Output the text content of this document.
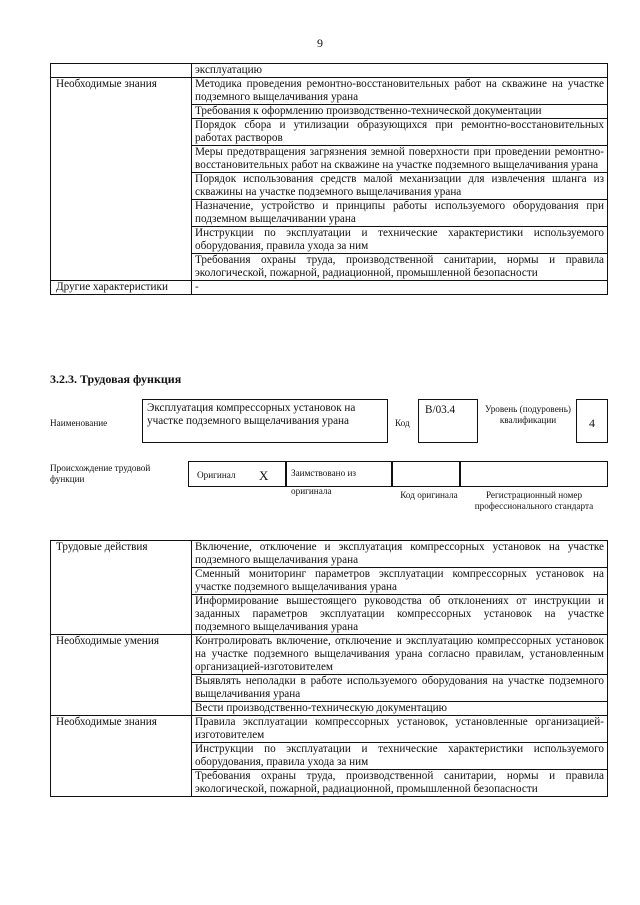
9
	эксплуатацию
Необходимые знания	Методика проведения ремонтно-восстановительных работ на скважине на участке подземного выщелачивания урана
	Требования к оформлению производственно-технической документации
	Порядок сбора и утилизации образующихся при ремонтно-восстановительных работах растворов
	Меры предотвращения загрязнения земной поверхности при проведении ремонтно-восстановительных работ на скважине на участке подземного выщелачивания урана
	Порядок использования средств малой механизации для извлечения шланга из скважины на участке подземного выщелачивания урана
	Назначение, устройство и принципы работы используемого оборудования при подземном выщелачивании урана
	Инструкции по эксплуатации и технические характеристики используемого оборудования, правила ухода за ним
	Требования охраны труда, производственной санитарии, нормы и правила экологической, пожарной, радиационной, промышленной безопасности
Другие характеристики	-
3.2.3. Трудовая функция
Наименование
Эксплуатация компрессорных установок на участке подземного выщелачивания урана	Код
B/03.4	Уровень (подуровень) квалификации	4
Происхождение трудовой функции	Оригинал X	Заимствовано из оригинала	Код оригинала	Регистрационный номер профессионального стандарта
Трудовые действия	Включение, отключение и эксплуатация компрессорных установок на участке подземного выщелачивания урана
	Сменный мониторинг параметров эксплуатации компрессорных установок на участке подземного выщелачивания урана
	Информирование вышестоящего руководства об отклонениях от инструкции и заданных параметров эксплуатации компрессорных установок на участке подземного выщелачивания урана
Необходимые умения	Контролировать включение, отключение и эксплуатацию компрессорных установок на участке подземного выщелачивания урана согласно правилам, установленным организацией-изготовителем
	Выявлять неполадки в работе используемого оборудования на участке подземного выщелачивания урана
	Вести производственно-техническую документацию
Необходимые знания	Правила эксплуатации компрессорных установок, установленные организацией-изготовителем
	Инструкции по эксплуатации и технические характеристики используемого оборудования, правила ухода за ним
	Требования охраны труда, производственной санитарии, нормы и правила экологической, пожарной, радиационной, промышленной безопасности
